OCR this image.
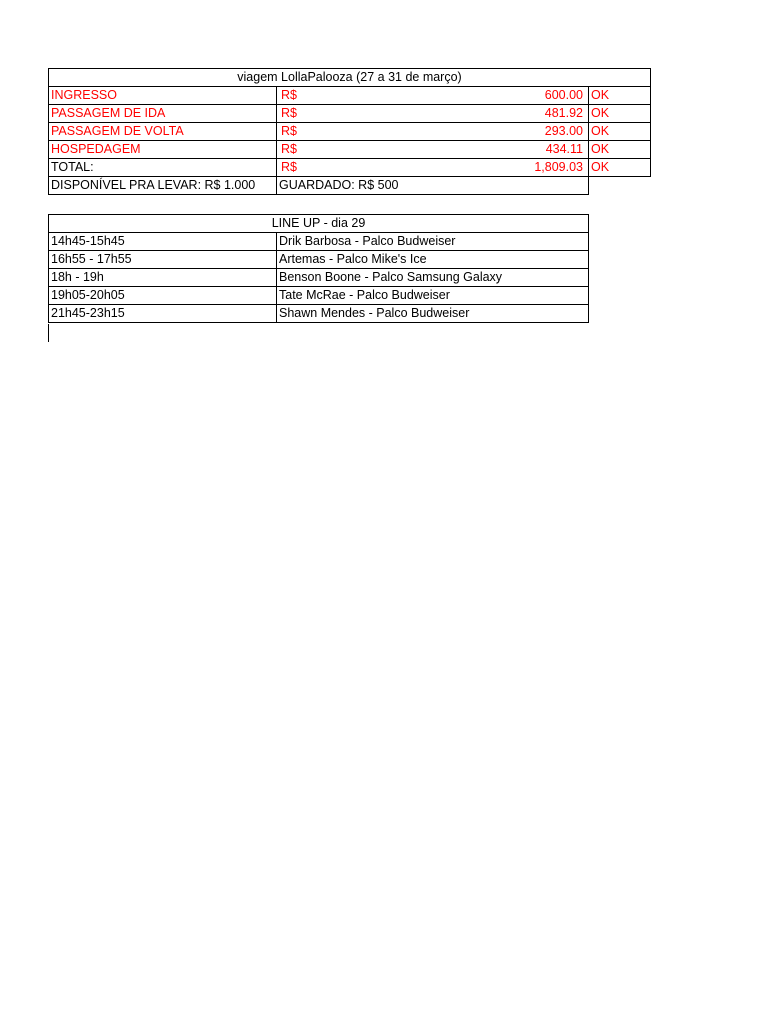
viagem LollaPalooza (27 a 31 de março)		
INGRESSO	R$ 600.00	OK
PASSAGEM DE IDA	R$ 481.92	OK
PASSAGEM DE VOLTA	R$ 293.00	OK
HOSPEDAGEM	R$ 434.11	OK
TOTAL:	R$ 1,809.03	OK
DISPONÍVEL PRA LEVAR: R$ 1.000	GUARDADO: R$ 500	
LINE UP - dia 29	
14h45-15h45	Drik Barbosa - Palco Budweiser
16h55 - 17h55	Artemas - Palco Mike's Ice
18h - 19h	Benson Boone - Palco Samsung Galaxy
19h05-20h05	Tate McRae - Palco Budweiser
21h45-23h15	Shawn Mendes - Palco Budweiser
